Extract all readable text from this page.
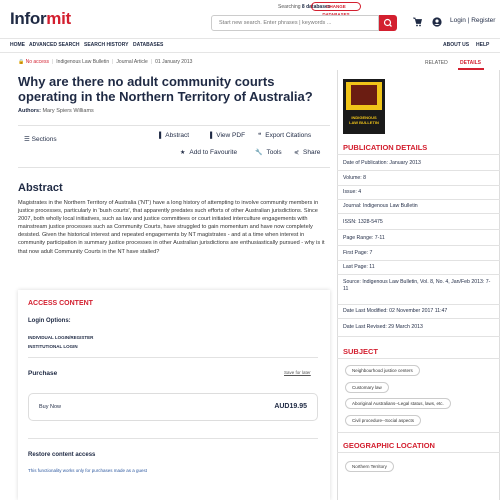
Informit
Searching 8 databases
CHANGE DATABASES
Start new search. Enter phrases | keywords ...	Login | Register
HOME ADVANCED SEARCH SEARCH HISTORY DATABASES	ABOUT US HELP
🔒 No access | Indigenous Law Bulletin | Journal Article | 01 January 2013	RELATED DETAILS
Why are there no adult community courts operating in the Northern Territory of Australia?
Authors: Mary Spiers Williams
☰ Sections	▐ Abstract	▐ View PDF ❝ Export Citations
★ Add to Favourite	🔧 Tools ⋞ Share
Abstract
Magistrates in the Northern Territory of Australia ('NT') have a long history of attempting to involve community members in justice processes, particularly in 'bush courts', that apparently predates such efforts of other Australian jurisdictions. Since 2007, both wholly local initiatives, such as law and justice committees or court initiated interculture engagements with mainstream justice processes such as Community Courts, have struggled to gain momentum and have now completely desisted. Given the historical interest and repeated engagements by NT magistrates - and at a time when interest in community participation in summary justice processes in other Australian jurisdictions are enthusiastically pursued - why is it that now adult Community Courts in the NT have stalled?
ACCESS CONTENT
Login Options:
INDIVIDUAL LOGIN/REGISTER
INSTITUTIONAL LOGIN
Purchase	Save for later
Buy Now	AUD19.95
Restore content access
This functionality works only for purchases made as a guest
INDIGENOUS
LAW BULLETIN
PUBLICATION DETAILS
Date of Publication: January 2013
Volume: 8
Issue: 4
Journal: Indigenous Law Bulletin
ISSN: 1328-5475
Page Range: 7-11
First Page: 7
Last Page: 11
Source: Indigenous Law Bulletin, Vol. 8, No. 4, Jan/Feb 2013: 7-11
Date Last Modified: 02 November 2017 11:47
Date Last Revised: 29 March 2013
SUBJECT
Neighbourhood justice centers
Customary law
Aboriginal Australians--Legal status, laws, etc.
Civil procedure--Social aspects
GEOGRAPHIC LOCATION
Northern Territory
